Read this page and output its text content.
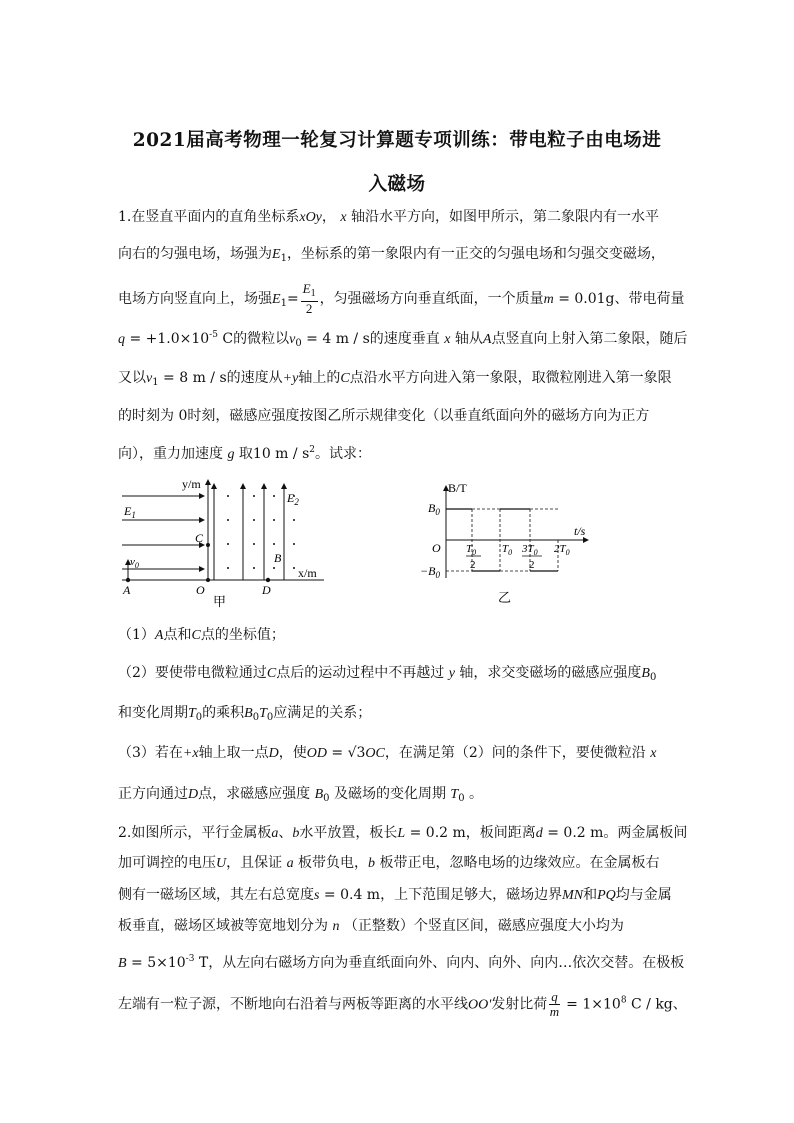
2021届高考物理一轮复习计算题专项训练：带电粒子由电场进
入磁场
1.在竖直平面内的直角坐标系xOy， x 轴沿水平方向，如图甲所示，第二象限内有一水平
向右的匀强电场，场强为$E_1$，坐标系的第一象限内有一正交的匀强电场和匀强交变磁场，
电场方向竖直向上，场强$E_1= \frac{E_1}{2}$ ，匀强磁场方向垂直纸面，一个质量m = 0.01g、带电荷量
$q = +1.0\times 10^{-5}$ C的微粒以$v_0 = 4$ m / s的速度垂直 x 轴从A点竖直向上射入第二象限，随后
又以$v_1 = 8$ m / s的速度从+y轴上的C点沿水平方向进入第一象限，取微粒刚进入第一象限
的时刻为 0时刻，磁感应强度按图乙所示规律变化（以垂直纸面向外的磁场方向为正方
向），重力加速度 g 取10 m / $s^2$。试求：
y/m
$E_2$
$E_1$
C
B
$v_0$
A	O	D
x/m
甲
B/T
$B_0$
$-B_0$
O
t/s
$T_0$
2
$T_0$ $3T_0$
2
$2T_0$
乙
（1）A点和C点的坐标值；
（2）要使带电微粒通过C点后的运动过程中不再越过 y 轴，求交变磁场的磁感应强度$B_0$
和变化周期$T_0$的乘积$B_0T_0$应满足的关系；
（3）若在+x轴上取一点D，使OD = √3OC，在满足第（2）问的条件下，要使微粒沿 x
正方向通过D点，求磁感应强度 $B_0$ 及磁场的变化周期 $T_0$ 。
2.如图所示，平行金属板a、b水平放置，板长L = 0.2 m，板间距离d = 0.2 m。两金属板间
加可调控的电压U，且保证 a 板带负电，b 板带正电，忽略电场的边缘效应。在金属板右
侧有一磁场区域，其左右总宽度s = 0.4 m，上下范围足够大，磁场边界MN和PQ均与金属
板垂直，磁场区域被等宽地划分为 n （正整数）个竖直区间，磁感应强度大小均为
$B = 5\times 10^{-3}$ T，从左向右磁场方向为垂直纸面向外、向内、向外、向内…依次交替。在极板
左端有一粒子源，不断地向右沿着与两板等距离的水平线OO'发射比荷 $\frac{q}{m} = 1\times 10^8$ C / kg、
